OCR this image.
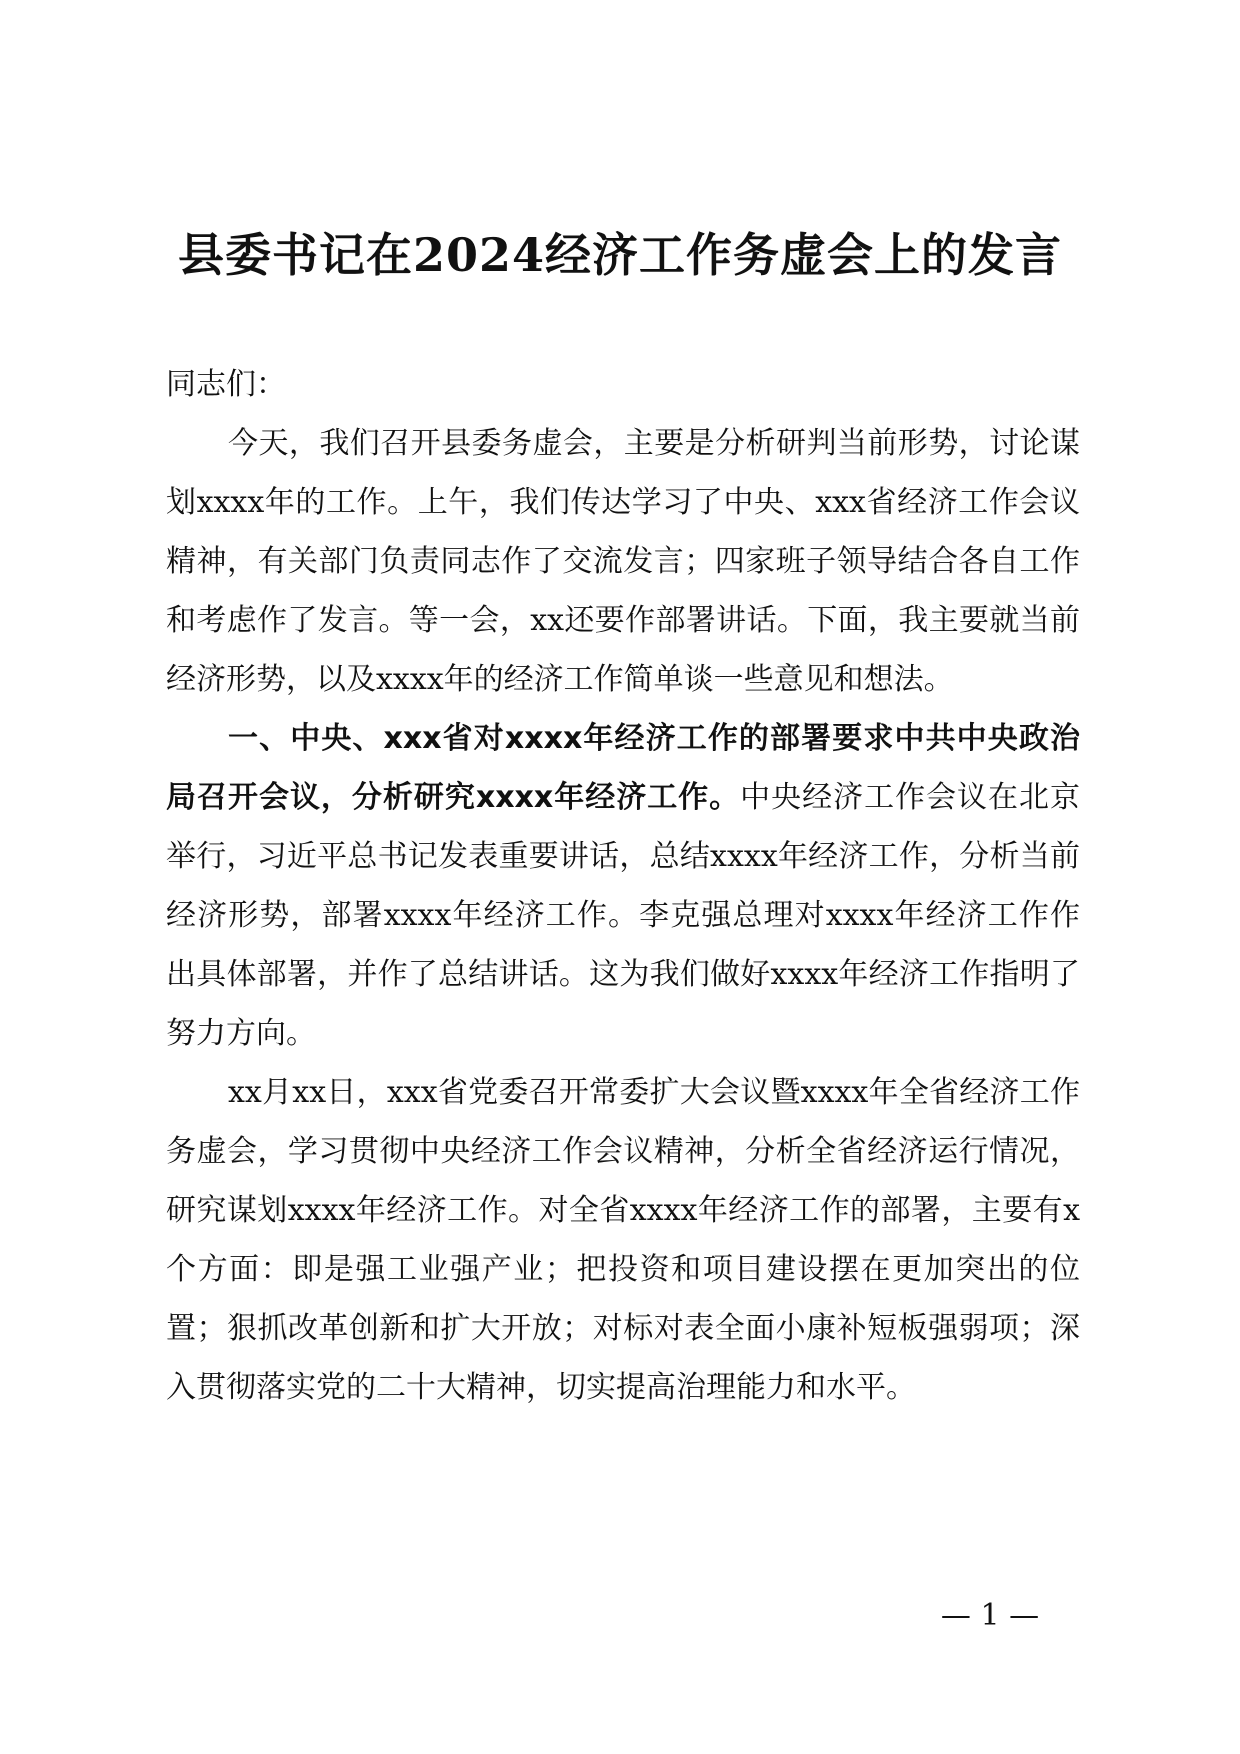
县委书记在2024经济工作务虚会上的发言

同志们：

今天，我们召开县委务虚会，主要是分析研判当前形势，讨论谋划xxxx年的工作。上午，我们传达学习了中央、xxx省经济工作会议精神，有关部门负责同志作了交流发言；四家班子领导结合各自工作和考虑作了发言。等一会，xx还要作部署讲话。下面，我主要就当前经济形势，以及xxxx年的经济工作简单谈一些意见和想法。

一、中央、xxx省对xxxx年经济工作的部署要求中共中央政治局召开会议，分析研究xxxx年经济工作。中央经济工作会议在北京举行，习近平总书记发表重要讲话，总结xxxx年经济工作，分析当前经济形势，部署xxxx年经济工作。李克强总理对xxxx年经济工作作出具体部署，并作了总结讲话。这为我们做好xxxx年经济工作指明了努力方向。

xx月xx日，xxx省党委召开常委扩大会议暨xxxx年全省经济工作务虚会，学习贯彻中央经济工作会议精神，分析全省经济运行情况，研究谋划xxxx年经济工作。对全省xxxx年经济工作的部署，主要有x个方面：即是强工业强产业；把投资和项目建设摆在更加突出的位置；狠抓改革创新和扩大开放；对标对表全面小康补短板强弱项；深入贯彻落实党的二十大精神，切实提高治理能力和水平。

— 1 —
